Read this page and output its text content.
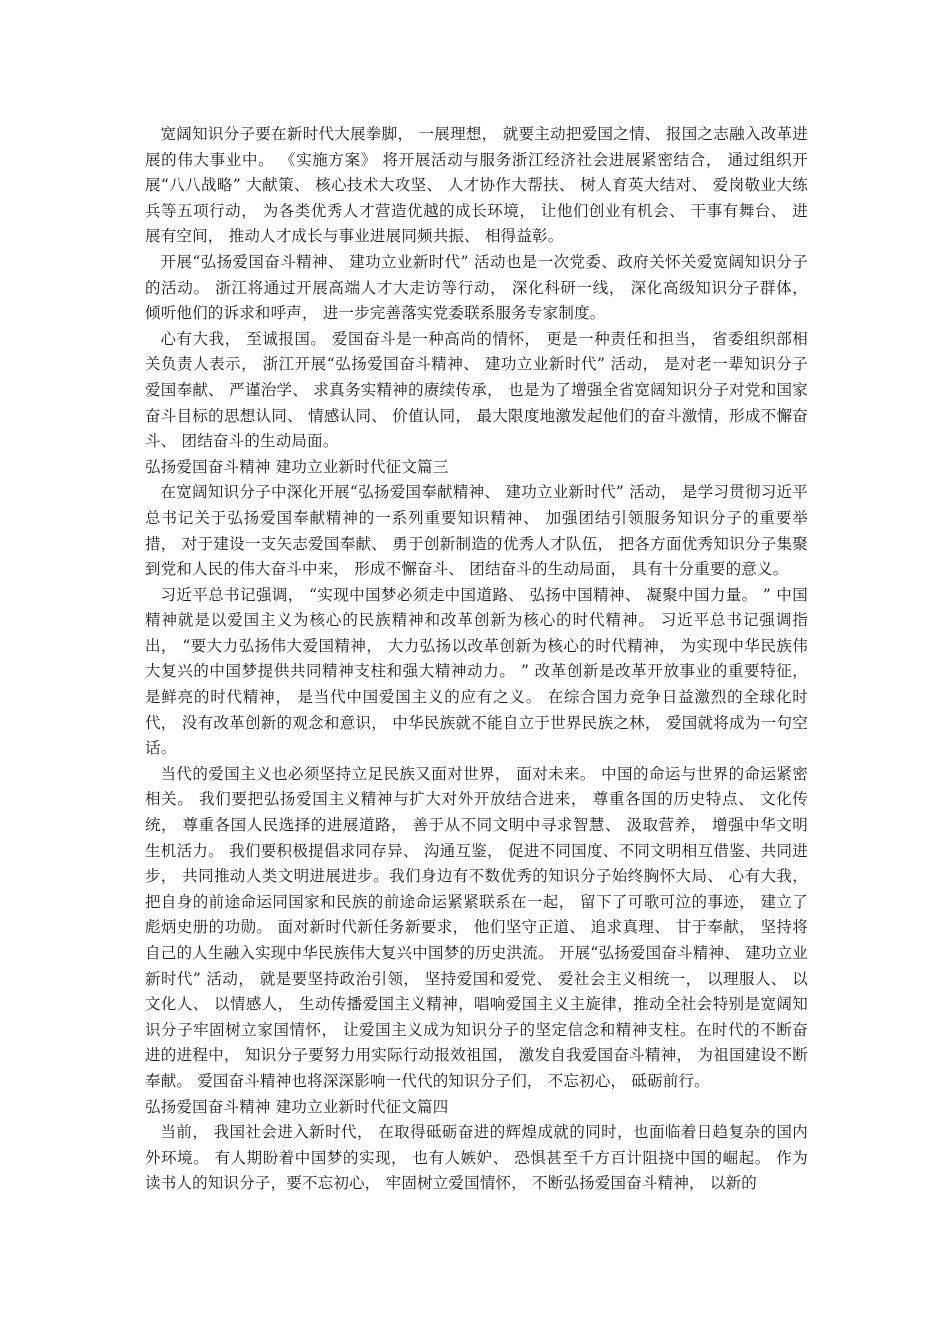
宽阔知识分子要在新时代大展拳脚， 一展理想， 就要主动把爱国之情、 报国之志融入改革进展的伟大事业中。 《实施方案》 将开展活动与服务浙江经济社会进展紧密结合， 通过组织开展“八八战略” 大献策、 核心技术大攻坚、 人才协作大帮扶、 树人育英大结对、 爱岗敬业大练兵等五项行动， 为各类优秀人才营造优越的成长环境， 让他们创业有机会、 干事有舞台、 进展有空间， 推动人才成长与事业进展同频共振、 相得益彰。

开展“弘扬爱国奋斗精神、 建功立业新时代” 活动也是一次党委、政府关怀关爱宽阔知识分子的活动。 浙江将通过开展高端人才大走访等行动， 深化科研一线， 深化高级知识分子群体， 倾听他们的诉求和呼声， 进一步完善落实党委联系服务专家制度。

心有大我， 至诚报国。 爱国奋斗是一种高尚的情怀， 更是一种责任和担当， 省委组织部相关负责人表示， 浙江开展“弘扬爱国奋斗精神、 建功立业新时代” 活动， 是对老一辈知识分子爱国奉献、 严谨治学、 求真务实精神的赓续传承， 也是为了增强全省宽阔知识分子对党和国家奋斗目标的思想认同、 情感认同、 价值认同， 最大限度地激发起他们的奋斗激情，形成不懈奋斗、 团结奋斗的生动局面。

弘扬爱国奋斗精神 建功立业新时代征文篇三

在宽阔知识分子中深化开展“弘扬爱国奉献精神、 建功立业新时代” 活动， 是学习贯彻习近平总书记关于弘扬爱国奉献精神的一系列重要知识精神、 加强团结引领服务知识分子的重要举措， 对于建设一支矢志爱国奉献、 勇于创新制造的优秀人才队伍， 把各方面优秀知识分子集聚到党和人民的伟大奋斗中来， 形成不懈奋斗、 团结奋斗的生动局面， 具有十分重要的意义。

习近平总书记强调， “实现中国梦必须走中国道路、 弘扬中国精神、 凝聚中国力量。 ” 中国精神就是以爱国主义为核心的民族精神和改革创新为核心的时代精神。 习近平总书记强调指出， “要大力弘扬伟大爱国精神， 大力弘扬以改革创新为核心的时代精神， 为实现中华民族伟大复兴的中国梦提供共同精神支柱和强大精神动力。 ” 改革创新是改革开放事业的重要特征， 是鲜亮的时代精神， 是当代中国爱国主义的应有之义。 在综合国力竞争日益激烈的全球化时代， 没有改革创新的观念和意识， 中华民族就不能自立于世界民族之林， 爱国就将成为一句空话。

当代的爱国主义也必须坚持立足民族又面对世界， 面对未来。 中国的命运与世界的命运紧密相关。 我们要把弘扬爱国主义精神与扩大对外开放结合进来， 尊重各国的历史特点、 文化传统， 尊重各国人民选择的进展道路， 善于从不同文明中寻求智慧、 汲取营养， 增强中华文明生机活力。 我们要积极提倡求同存异、 沟通互鉴， 促进不同国度、不同文明相互借鉴、共同进步， 共同推动人类文明进展进步。我们身边有不数优秀的知识分子始终胸怀大局、 心有大我， 把自身的前途命运同国家和民族的前途命运紧紧联系在一起， 留下了可歌可泣的事迹， 建立了彪炳史册的功勋。 面对新时代新任务新要求， 他们坚守正道、 追求真理、 甘于奉献， 坚持将自己的人生融入实现中华民族伟大复兴中国梦的历史洪流。 开展“弘扬爱国奋斗精神、 建功立业新时代” 活动， 就是要坚持政治引领， 坚持爱国和爱党、 爱社会主义相统一， 以理服人、 以文化人、 以情感人， 生动传播爱国主义精神，唱响爱国主义主旋律，推动全社会特别是宽阔知识分子牢固树立家国情怀， 让爱国主义成为知识分子的坚定信念和精神支柱。在时代的不断奋进的进程中， 知识分子要努力用实际行动报效祖国， 激发自我爱国奋斗精神， 为祖国建设不断奉献。 爱国奋斗精神也将深深影响一代代的知识分子们， 不忘初心， 砥砺前行。

弘扬爱国奋斗精神 建功立业新时代征文篇四

当前， 我国社会进入新时代， 在取得砥砺奋进的辉煌成就的同时，也面临着日趋复杂的国内外环境。 有人期盼着中国梦的实现， 也有人嫉妒、 恐惧甚至千方百计阻挠中国的崛起。 作为读书人的知识分子，要不忘初心， 牢固树立爱国情怀， 不断弘扬爱国奋斗精神， 以新的
